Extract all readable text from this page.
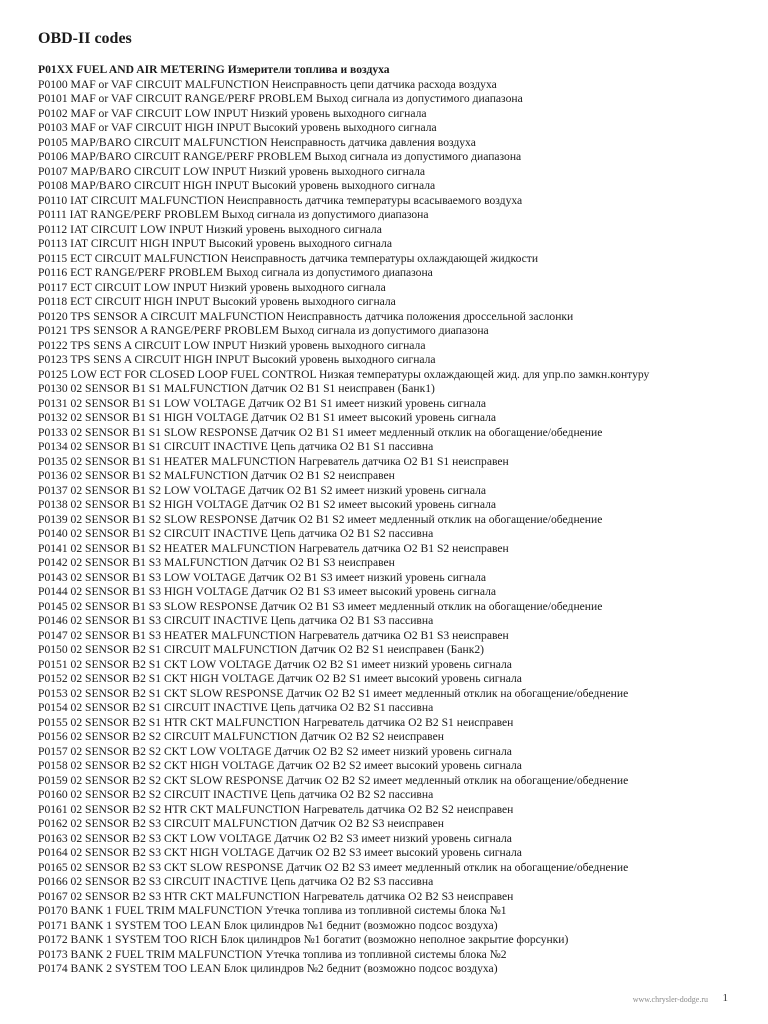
OBD-II codes
P01XX FUEL AND AIR METERING Измерители топлива и воздуха
P0100 MAF or VAF CIRCUIT MALFUNCTION Неисправность цепи датчика расхода воздуха
P0101 MAF or VAF CIRCUIT RANGE/PERF PROBLEM Выход сигнала из допустимого диапазона
P0102 MAF or VAF CIRCUIT LOW INPUT Низкий уровень выходного сигнала
P0103 MAF or VAF CIRCUIT HIGH INPUT Высокий уровень выходного сигнала
P0105 MAP/BARO CIRCUIT MALFUNCTION Неисправность датчика давления воздуха
P0106 MAP/BARO CIRCUIT RANGE/PERF PROBLEM Выход сигнала из допустимого диапазона
P0107 MAP/BARO CIRCUIT LOW INPUT Низкий уровень выходного сигнала
P0108 MAP/BARO CIRCUIT HIGH INPUT Высокий уровень выходного сигнала
P0110 IAT CIRCUIT MALFUNCTION Неисправность датчика температуры всасываемого воздуха
P0111 IAT RANGE/PERF PROBLEM Выход сигнала из допустимого диапазона
P0112 IAT CIRCUIT LOW INPUT Низкий уровень выходного сигнала
P0113 IAT CIRCUIT HIGH INPUT Высокий уровень выходного сигнала
P0115 ECT CIRCUIT MALFUNCTION Неисправность датчика температуры охлаждающей жидкости
P0116 ECT RANGE/PERF PROBLEM Выход сигнала из допустимого диапазона
P0117 ECT CIRCUIT LOW INPUT Низкий уровень выходного сигнала
P0118 ECT CIRCUIT HIGH INPUT Высокий уровень выходного сигнала
P0120 TPS SENSOR A CIRCUIT MALFUNCTION Неисправность датчика положения дроссельной заслонки
P0121 TPS SENSOR A RANGE/PERF PROBLEM Выход сигнала из допустимого диапазона
P0122 TPS SENS A CIRCUIT LOW INPUT Низкий уровень выходного сигнала
P0123 TPS SENS A CIRCUIT HIGH INPUT Высокий уровень выходного сигнала
P0125 LOW ECT FOR CLOSED LOOP FUEL CONTROL Низкая температуры охлаждающей жид. для упр.по замкн.контуру
P0130 02 SENSOR B1 S1 MALFUNCTION Датчик O2 B1 S1 неисправен (Банк1)
P0131 02 SENSOR B1 S1 LOW VOLTAGE Датчик O2 B1 S1 имеет низкий уровень сигнала
P0132 02 SENSOR B1 S1 HIGH VOLTAGE Датчик O2 B1 S1 имеет высокий уровень сигнала
P0133 02 SENSOR B1 S1 SLOW RESPONSE Датчик O2 B1 S1 имеет медленный отклик на обогащение/обеднение
P0134 02 SENSOR B1 S1 CIRCUIT INACTIVE Цепь датчика O2 B1 S1 пассивна
P0135 02 SENSOR B1 S1 HEATER MALFUNCTION Нагреватель датчика O2 B1 S1 неисправен
P0136 02 SENSOR B1 S2 MALFUNCTION Датчик O2 B1 S2 неисправен
P0137 02 SENSOR B1 S2 LOW VOLTAGE Датчик O2 B1 S2 имеет низкий уровень сигнала
P0138 02 SENSOR B1 S2 HIGH VOLTAGE Датчик O2 B1 S2 имеет высокий уровень сигнала
P0139 02 SENSOR B1 S2 SLOW RESPONSE Датчик O2 B1 S2 имеет медленный отклик на обогащение/обеднение
P0140 02 SENSOR B1 S2 CIRCUIT INACTIVE Цепь датчика O2 B1 S2 пассивна
P0141 02 SENSOR B1 S2 HEATER MALFUNCTION Нагреватель датчика O2 B1 S2 неисправен
P0142 02 SENSOR B1 S3 MALFUNCTION Датчик O2 B1 S3 неисправен
P0143 02 SENSOR B1 S3 LOW VOLTAGE Датчик O2 B1 S3 имеет низкий уровень сигнала
P0144 02 SENSOR B1 S3 HIGH VOLTAGE Датчик O2 B1 S3 имеет высокий уровень сигнала
P0145 02 SENSOR B1 S3 SLOW RESPONSE Датчик O2 B1 S3 имеет медленный отклик на обогащение/обеднение
P0146 02 SENSOR B1 S3 CIRCUIT INACTIVE Цепь датчика O2 B1 S3 пассивна
P0147 02 SENSOR B1 S3 HEATER MALFUNCTION Нагреватель датчика O2 B1 S3 неисправен
P0150 02 SENSOR B2 S1 CIRCUIT MALFUNCTION Датчик O2 B2 S1 неисправен (Банк2)
P0151 02 SENSOR B2 S1 CKT LOW VOLTAGE Датчик O2 B2 S1 имеет низкий уровень сигнала
P0152 02 SENSOR B2 S1 CKT HIGH VOLTAGE Датчик O2 B2 S1 имеет высокий уровень сигнала
P0153 02 SENSOR B2 S1 CKT SLOW RESPONSE Датчик O2 B2 S1 имеет медленный отклик на обогащение/обеднение
P0154 02 SENSOR B2 S1 CIRCUIT INACTIVE Цепь датчика O2 B2 S1 пассивна
P0155 02 SENSOR B2 S1 HTR CKT MALFUNCTION Нагреватель датчика O2 B2 S1 неисправен
P0156 02 SENSOR B2 S2 CIRCUIT MALFUNCTION Датчик O2 B2 S2 неисправен
P0157 02 SENSOR B2 S2 CKT LOW VOLTAGE Датчик O2 B2 S2 имеет низкий уровень сигнала
P0158 02 SENSOR B2 S2 CKT HIGH VOLTAGE Датчик O2 B2 S2 имеет высокий уровень сигнала
P0159 02 SENSOR B2 S2 CKT SLOW RESPONSE Датчик O2 B2 S2 имеет медленный отклик на обогащение/обеднение
P0160 02 SENSOR B2 S2 CIRCUIT INACTIVE Цепь датчика O2 B2 S2 пассивна
P0161 02 SENSOR B2 S2 HTR CKT MALFUNCTION Нагреватель датчика O2 B2 S2 неисправен
P0162 02 SENSOR B2 S3 CIRCUIT MALFUNCTION Датчик O2 B2 S3 неисправен
P0163 02 SENSOR B2 S3 CKT LOW VOLTAGE Датчик O2 B2 S3 имеет низкий уровень сигнала
P0164 02 SENSOR B2 S3 CKT HIGH VOLTAGE Датчик O2 B2 S3 имеет высокий уровень сигнала
P0165 02 SENSOR B2 S3 CKT SLOW RESPONSE Датчик O2 B2 S3 имеет медленный отклик на обогащение/обеднение
P0166 02 SENSOR B2 S3 CIRCUIT INACTIVE Цепь датчика O2 B2 S3 пассивна
P0167 02 SENSOR B2 S3 HTR CKT MALFUNCTION Нагреватель датчика O2 B2 S3 неисправен
P0170 BANK 1 FUEL TRIM MALFUNCTION Утечка топлива из топливной системы блока №1
P0171 BANK 1 SYSTEM TOO LEAN Блок цилиндров №1 беднит (возможно подсос воздуха)
P0172 BANK 1 SYSTEM TOO RICH Блок цилиндров №1 богатит (возможно неполное закрытие форсунки)
P0173 BANK 2 FUEL TRIM MALFUNCTION Утечка топлива из топливной системы блока №2
P0174 BANK 2 SYSTEM TOO LEAN Блок цилиндров №2 беднит (возможно подсос воздуха)
www.chrysler-dodge.ru 1
